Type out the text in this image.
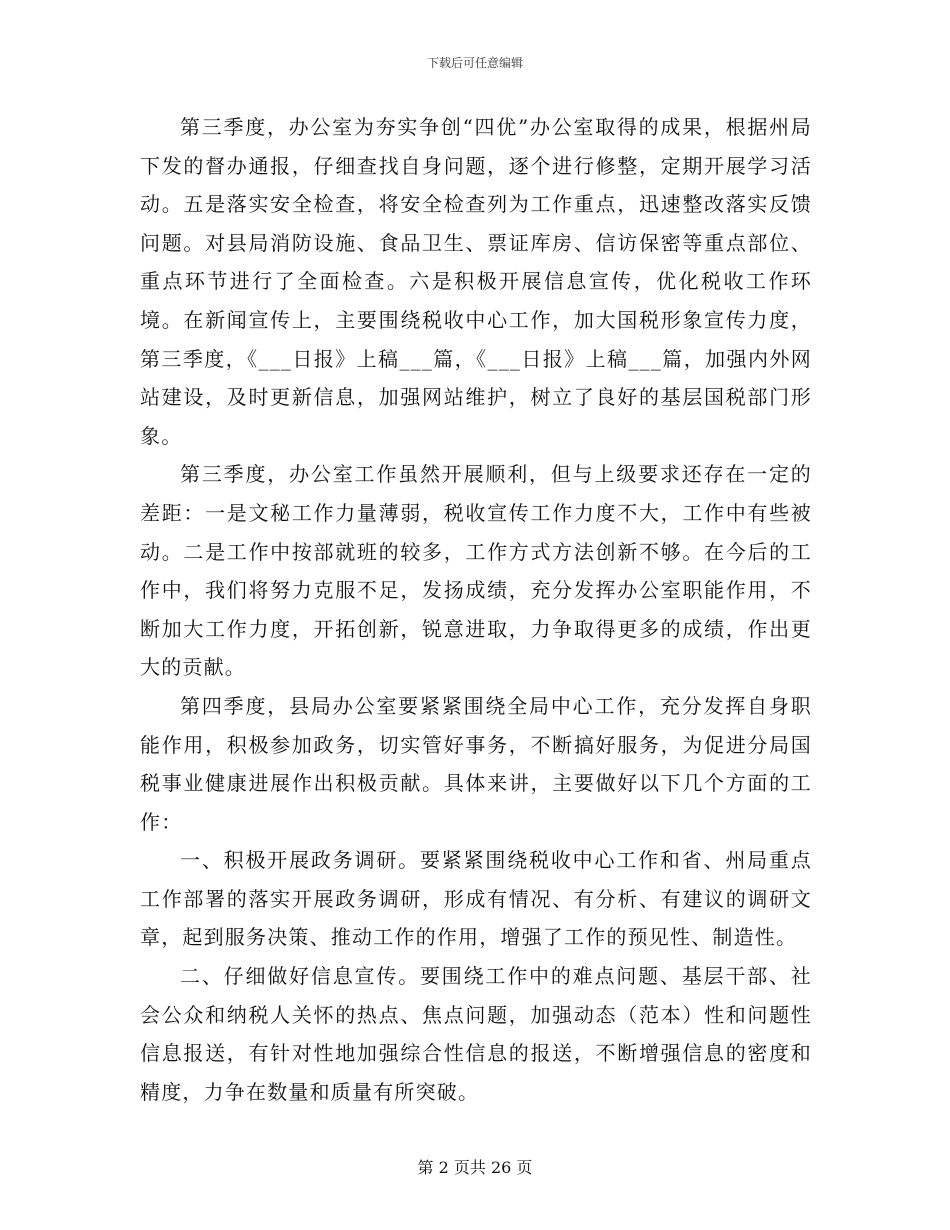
下载后可任意编辑

第三季度，办公室为夯实争创“四优”办公室取得的成果，根据州局下发的督办通报，仔细查找自身问题，逐个进行修整，定期开展学习活动。五是落实安全检查，将安全检查列为工作重点，迅速整改落实反馈问题。对县局消防设施、食品卫生、票证库房、信访保密等重点部位、重点环节进行了全面检查。六是积极开展信息宣传，优化税收工作环境。在新闻宣传上，主要围绕税收中心工作，加大国税形象宣传力度，第三季度，《___日报》上稿___篇，《___日报》上稿___篇，加强内外网站建设，及时更新信息，加强网站维护，树立了良好的基层国税部门形象。

第三季度，办公室工作虽然开展顺利，但与上级要求还存在一定的差距：一是文秘工作力量薄弱，税收宣传工作力度不大，工作中有些被动。二是工作中按部就班的较多，工作方式方法创新不够。在今后的工作中，我们将努力克服不足，发扬成绩，充分发挥办公室职能作用，不断加大工作力度，开拓创新，锐意进取，力争取得更多的成绩，作出更大的贡献。

第四季度，县局办公室要紧紧围绕全局中心工作，充分发挥自身职能作用，积极参加政务，切实管好事务，不断搞好服务，为促进分局国税事业健康进展作出积极贡献。具体来讲，主要做好以下几个方面的工作：

一、积极开展政务调研。要紧紧围绕税收中心工作和省、州局重点工作部署的落实开展政务调研，形成有情况、有分析、有建议的调研文章，起到服务决策、推动工作的作用，增强了工作的预见性、制造性。

二、仔细做好信息宣传。要围绕工作中的难点问题、基层干部、社会公众和纳税人关怀的热点、焦点问题，加强动态（范本）性和问题性信息报送，有针对性地加强综合性信息的报送，不断增强信息的密度和精度，力争在数量和质量有所突破。

第 2 页共 26 页
